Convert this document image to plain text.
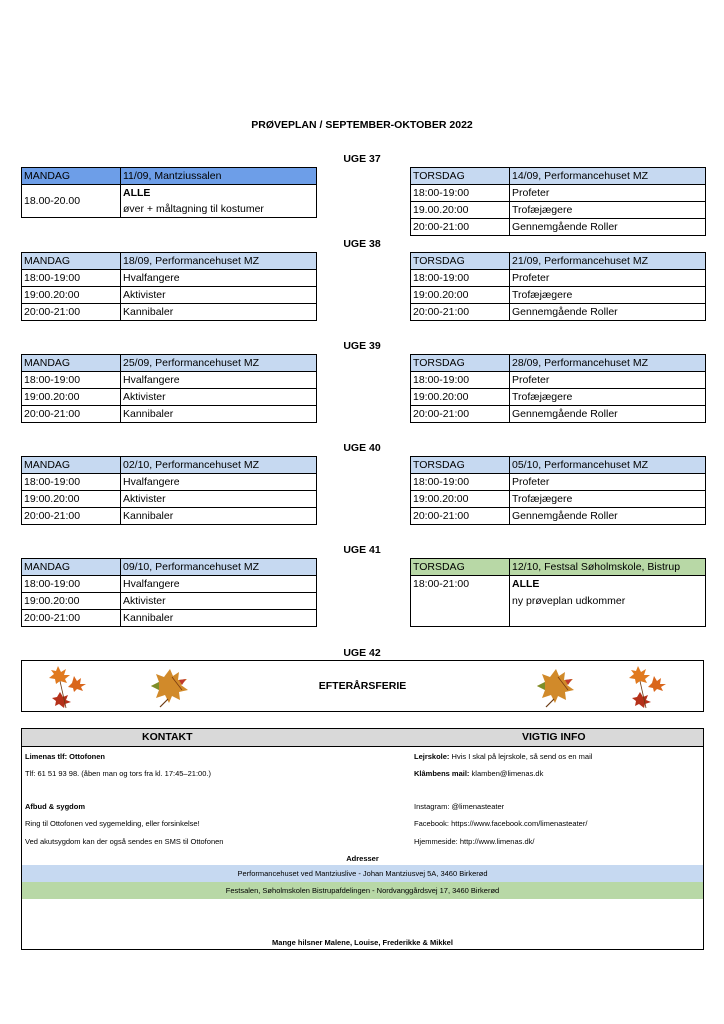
PRØVEPLAN / SEPTEMBER-OKTOBER 2022
UGE 37
MANDAG	11/09, Mantziussalen
18.00-20.00	ALLE
	øver + måltagning til kostumer
TORSDAG	14/09, Performancehuset MZ
18:00-19:00	Profeter
19.00.20:00	Trofæjægere
20:00-21:00	Gennemgående Roller
UGE 38
MANDAG	18/09, Performancehuset MZ
18:00-19:00	Hvalfangere
19:00.20:00	Aktivister
20:00-21:00	Kannibaler
TORSDAG	21/09, Performancehuset MZ
18:00-19:00	Profeter
19:00.20:00	Trofæjægere
20:00-21:00	Gennemgående Roller
UGE 39
MANDAG	25/09, Performancehuset MZ
18:00-19:00	Hvalfangere
19:00.20:00	Aktivister
20:00-21:00	Kannibaler
TORSDAG	28/09, Performancehuset MZ
18:00-19:00	Profeter
19:00.20:00	Trofæjægere
20:00-21:00	Gennemgående Roller
UGE 40
MANDAG	02/10, Performancehuset MZ
18:00-19:00	Hvalfangere
19:00.20:00	Aktivister
20:00-21:00	Kannibaler
TORSDAG	05/10, Performancehuset MZ
18:00-19:00	Profeter
19:00.20:00	Trofæjægere
20:00-21:00	Gennemgående Roller
UGE 41
MANDAG	09/10, Performancehuset MZ
18:00-19:00	Hvalfangere
19:00.20:00	Aktivister
20:00-21:00	Kannibaler
TORSDAG	12/10, Festsal Søholmskole, Bistrup
18:00-21:00	ALLE
	ny prøveplan udkommer

UGE 42
EFTERÅRSFERIE
KONTAKT	VIGTIG INFO
Limenas tlf: Ottofonen
Tlf: 61 51 93 98. (åben man og tors fra kl. 17:45–21:00.)
Afbud & sygdom
Ring til Ottofonen ved sygemelding, eller forsinkelse!
Ved akutsygdom kan der også sendes en SMS til Ottofonen
Lejrskole: Hvis I skal på lejrskole, så send os en mail
Klâmbens mail: klamben@limenas.dk
Instagram: @limenasteater
Facebook: https://www.facebook.com/limenasteater/
Hjemmeside: http://www.limenas.dk/
Adresser
Performancehuset ved Mantziuslive - Johan Mantziusvej 5A, 3460 Birkerød
Festsalen, Søholmskolen Bistrupafdelingen - Nordvanggårdsvej 17, 3460 Birkerød
Mange hilsner Malene, Louise, Frederikke & Mikkel
